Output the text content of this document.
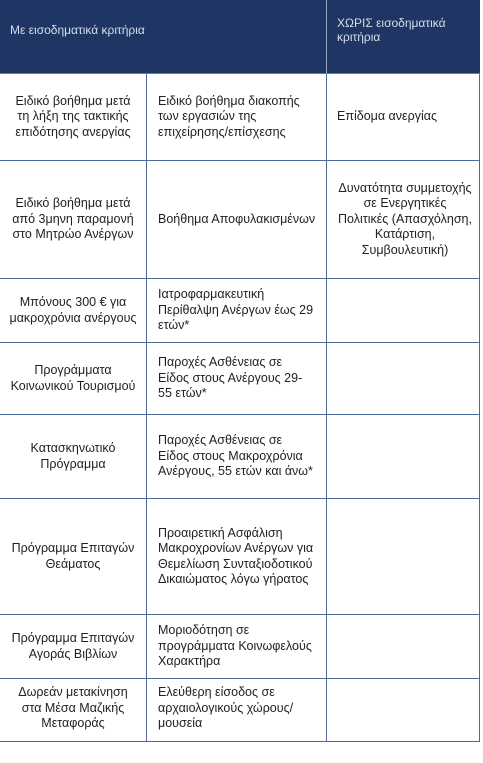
Με εισοδηματικά κριτήρια	ΧΩΡΙΣ εισοδηματικά κριτήρια
Ειδικό βοήθημα μετά τη λήξη της τακτικής επιδότησης ανεργίας
Ειδικό βοήθημα διακοπής των εργασιών της επιχείρησης/επίσχεσης
Επίδομα ανεργίας
Ειδικό βοήθημα μετά από 3μηνη παραμονή στο Μητρώο Ανέργων
Βοήθημα Αποφυλακισμένων
Δυνατότητα συμμετοχής σε Ενεργητικές Πολιτικές (Απασχόληση, Κατάρτιση, Συμβουλευτική)
Μπόνους 300 € για μακροχρόνια ανέργους
Ιατροφαρμακευτική Περίθαλψη Ανέργων έως 29 ετών*
Προγράμματα Κοινωνικού Τουρισμού
Παροχές Ασθένειας σε Είδος στους Ανέργους 29-55 ετών*
Κατασκηνωτικό Πρόγραμμα
Παροχές Ασθένειας σε Είδος στους Μακροχρόνια Ανέργους, 55 ετών και άνω*
Πρόγραμμα Επιταγών Θεάματος
Προαιρετική Ασφάλιση Μακροχρονίων Ανέργων για Θεμελίωση Συνταξιοδοτικού Δικαιώματος λόγω γήρατος
Πρόγραμμα Επιταγών Αγοράς Βιβλίων
Μοριοδότηση σε προγράμματα Κοινωφελούς Χαρακτήρα
Δωρεάν μετακίνηση στα Μέσα Μαζικής Μεταφοράς
Ελεύθερη είσοδος σε αρχαιολογικούς χώρους/ μουσεία
